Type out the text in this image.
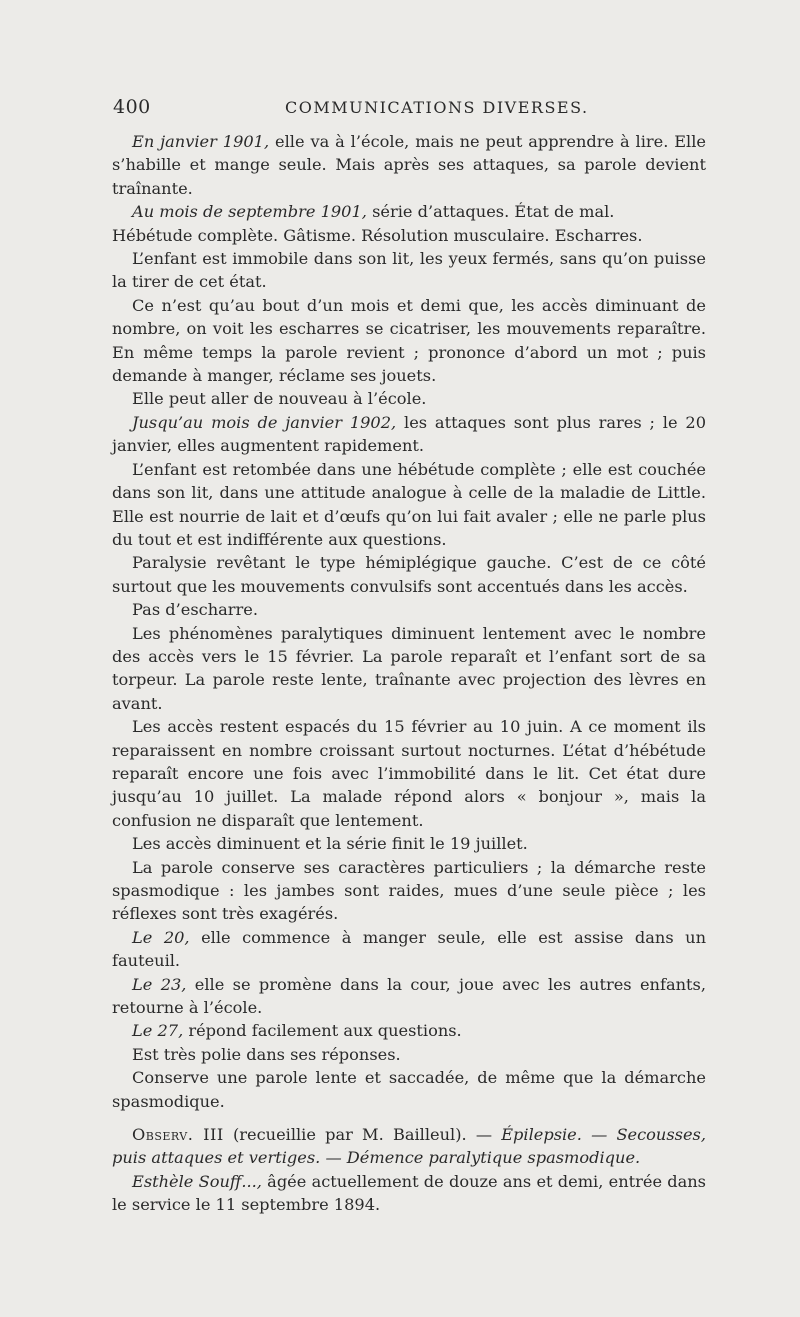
400	COMMUNICATIONS DIVERSES.

En janvier 1901, elle va à l’école, mais ne peut apprendre à lire. Elle s’habille et mange seule. Mais après ses attaques, sa parole devient traînante.

Au mois de septembre 1901, série d’attaques. État de mal.

Hébétude complète. Gâtisme. Résolution musculaire. Escharres.

L’enfant est immobile dans son lit, les yeux fermés, sans qu’on puisse la tirer de cet état.

Ce n’est qu’au bout d’un mois et demi que, les accès diminuant de nombre, on voit les escharres se cicatriser, les mouvements reparaître. En même temps la parole revient ; prononce d’abord un mot ; puis demande à manger, réclame ses jouets.

Elle peut aller de nouveau à l’école.

Jusqu’au mois de janvier 1902, les attaques sont plus rares ; le 20 janvier, elles augmentent rapidement.

L’enfant est retombée dans une hébétude complète ; elle est couchée dans son lit, dans une attitude analogue à celle de la maladie de Little. Elle est nourrie de lait et d’œufs qu’on lui fait avaler ; elle ne parle plus du tout et est indifférente aux questions.

Paralysie revêtant le type hémiplégique gauche. C’est de ce côté surtout que les mouvements convulsifs sont accentués dans les accès.

Pas d’escharre.

Les phénomènes paralytiques diminuent lentement avec le nombre des accès vers le 15 février. La parole reparaît et l’enfant sort de sa torpeur. La parole reste lente, traînante avec projection des lèvres en avant.

Les accès restent espacés du 15 février au 10 juin. A ce moment ils reparaissent en nombre croissant surtout nocturnes. L’état d’hébétude reparaît encore une fois avec l’immobilité dans le lit. Cet état dure jusqu’au 10 juillet. La malade répond alors « bonjour », mais la confusion ne disparaît que lentement.

Les accès diminuent et la série finit le 19 juillet.

La parole conserve ses caractères particuliers ; la démarche reste spasmodique : les jambes sont raides, mues d’une seule pièce ; les réflexes sont très exagérés.

Le 20, elle commence à manger seule, elle est assise dans un fauteuil.

Le 23, elle se promène dans la cour, joue avec les autres enfants, retourne à l’école.

Le 27, répond facilement aux questions.

Est très polie dans ses réponses.

Conserve une parole lente et saccadée, de même que la démarche spasmodique.

Observ. III (recueillie par M. Bailleul). — Épilepsie. — Secousses, puis attaques et vertiges. — Démence paralytique spasmodique.

Esthèle Souff..., âgée actuellement de douze ans et demi, entrée dans le service le 11 septembre 1894.
